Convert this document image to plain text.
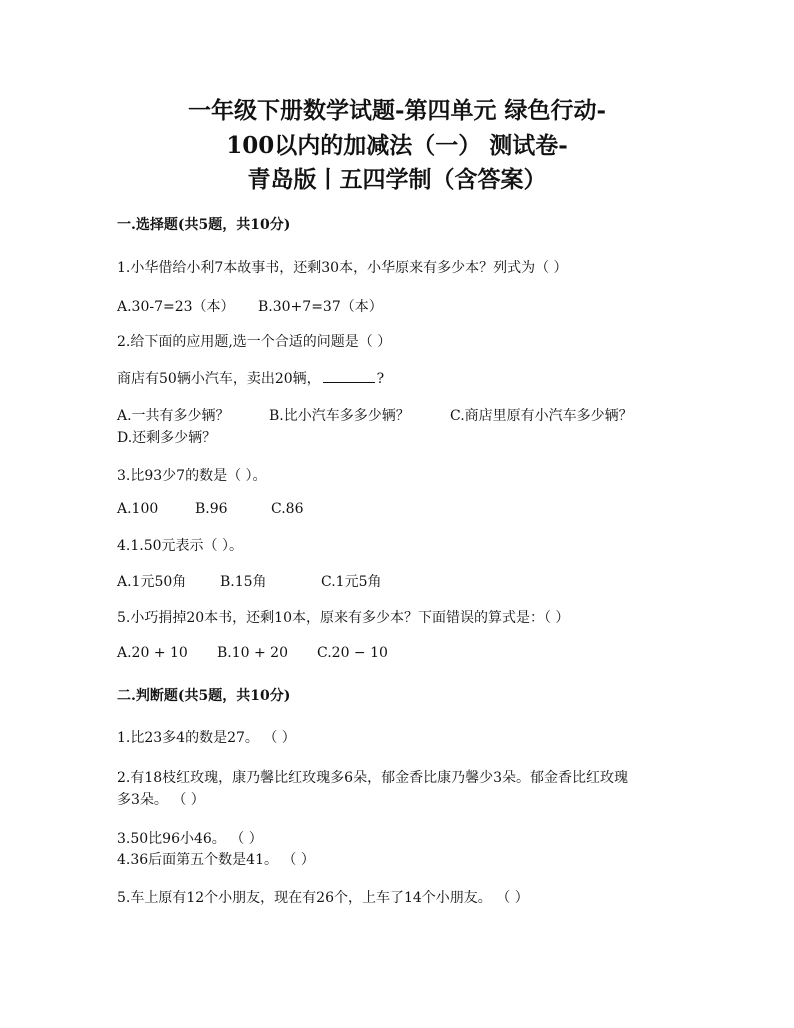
一年级下册数学试题-第四单元 绿色行动-
100以内的加减法（一） 测试卷-
青岛版丨五四学制（含答案）
一.选择题(共5题，共10分)
1.小华借给小利7本故事书，还剩30本，小华原来有多少本？列式为（ ）
A.30-7=23（本） B.30+7=37（本）
2.给下面的应用题,选一个合适的问题是（ ）
商店有50辆小汽车，卖出20辆，	?
A.一共有多少辆？	B.比小汽车多多少辆？	C.商店里原有小汽车多少辆？
D.还剩多少辆？
3.比93少7的数是（ ）。
A.100	B.96	C.86
4.1.50元表示（ ）。
A.1元50角 B.15角	C.1元5角
5.小巧捐掉20本书，还剩10本，原来有多少本？下面错误的算式是：（ ）
A.20 + 10 B.10 + 20 C.20 − 10
二.判断题(共5题，共10分)
1.比23多4的数是27。 （ ）
2.有18枝红玫瑰，康乃馨比红玫瑰多6朵，郁金香比康乃馨少3朵。郁金香比红玫瑰
多3朵。 （ ）
3.50比96小46。 （ ）
4.36后面第五个数是41。 （ ）
5.车上原有12个小朋友，现在有26个，上车了14个小朋友。 （ ）
